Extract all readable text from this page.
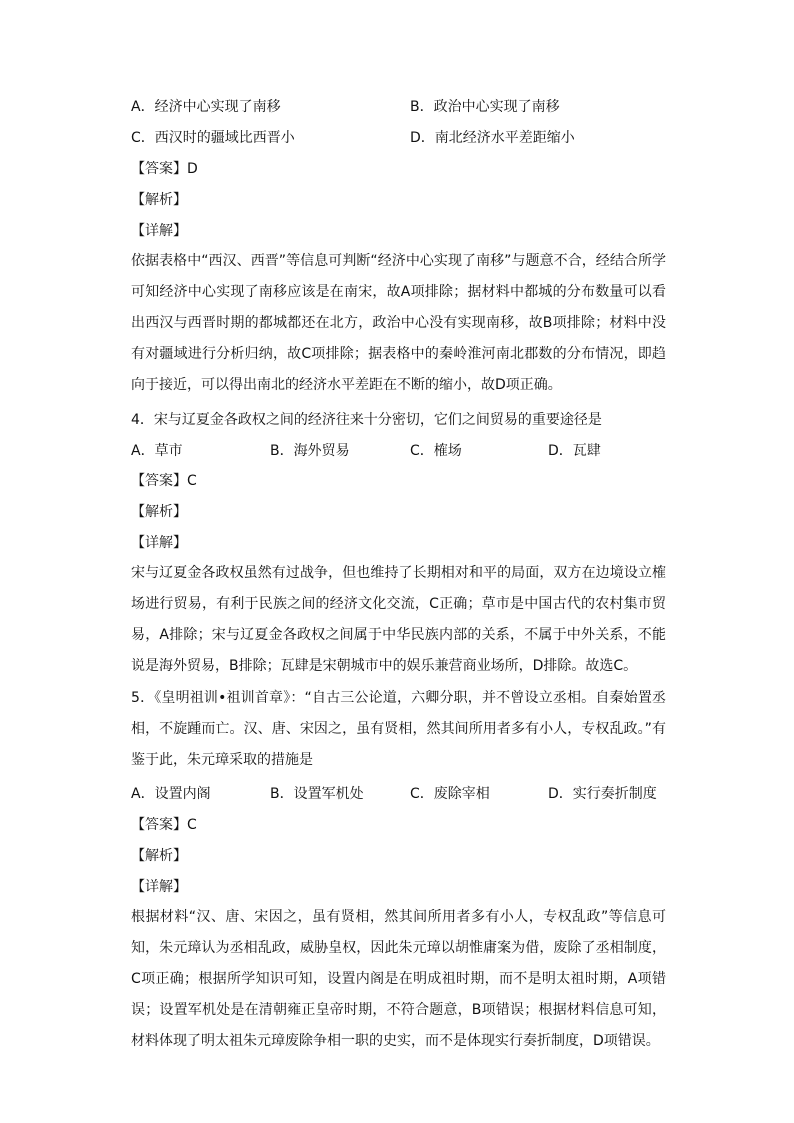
A．经济中心实现了南移	B．政治中心实现了南移
C．西汉时的疆域比西晋小	D．南北经济水平差距缩小
【答案】D
【解析】
【详解】
依据表格中“西汉、西晋”等信息可判断“经济中心实现了南移”与题意不合，经结合所学可知经济中心实现了南移应该是在南宋，故A项排除；据材料中都城的分布数量可以看出西汉与西晋时期的都城都还在北方，政治中心没有实现南移，故B项排除；材料中没有对疆域进行分析归纳，故C项排除；据表格中的秦岭淮河南北郡数的分布情况，即趋向于接近，可以得出南北的经济水平差距在不断的缩小，故D项正确。
4．宋与辽夏金各政权之间的经济往来十分密切，它们之间贸易的重要途径是
A．草市	B．海外贸易	C．榷场	D．瓦肆
【答案】C
【解析】
【详解】
宋与辽夏金各政权虽然有过战争，但也维持了长期相对和平的局面，双方在边境设立榷场进行贸易，有利于民族之间的经济文化交流，C正确；草市是中国古代的农村集市贸易，A排除；宋与辽夏金各政权之间属于中华民族内部的关系，不属于中外关系，不能说是海外贸易，B排除；瓦肆是宋朝城市中的娱乐兼营商业场所，D排除。故选C。
5．《皇明祖训•祖训首章》：“自古三公论道，六卿分职，并不曾设立丞相。自秦始置丞相，不旋踵而亡。汉、唐、宋因之，虽有贤相，然其间所用者多有小人，专权乱政。”有鉴于此，朱元璋采取的措施是
A．设置内阁	B．设置军机处	C．废除宰相	D．实行奏折制度
【答案】C
【解析】
【详解】
根据材料“汉、唐、宋因之，虽有贤相，然其间所用者多有小人，专权乱政”等信息可知，朱元璋认为丞相乱政，威胁皇权，因此朱元璋以胡惟庸案为借，废除了丞相制度，C项正确；根据所学知识可知，设置内阁是在明成祖时期，而不是明太祖时期，A项错误；设置军机处是在清朝雍正皇帝时期，不符合题意，B项错误；根据材料信息可知，材料体现了明太祖朱元璋废除争相一职的史实，而不是体现实行奏折制度，D项错误。
